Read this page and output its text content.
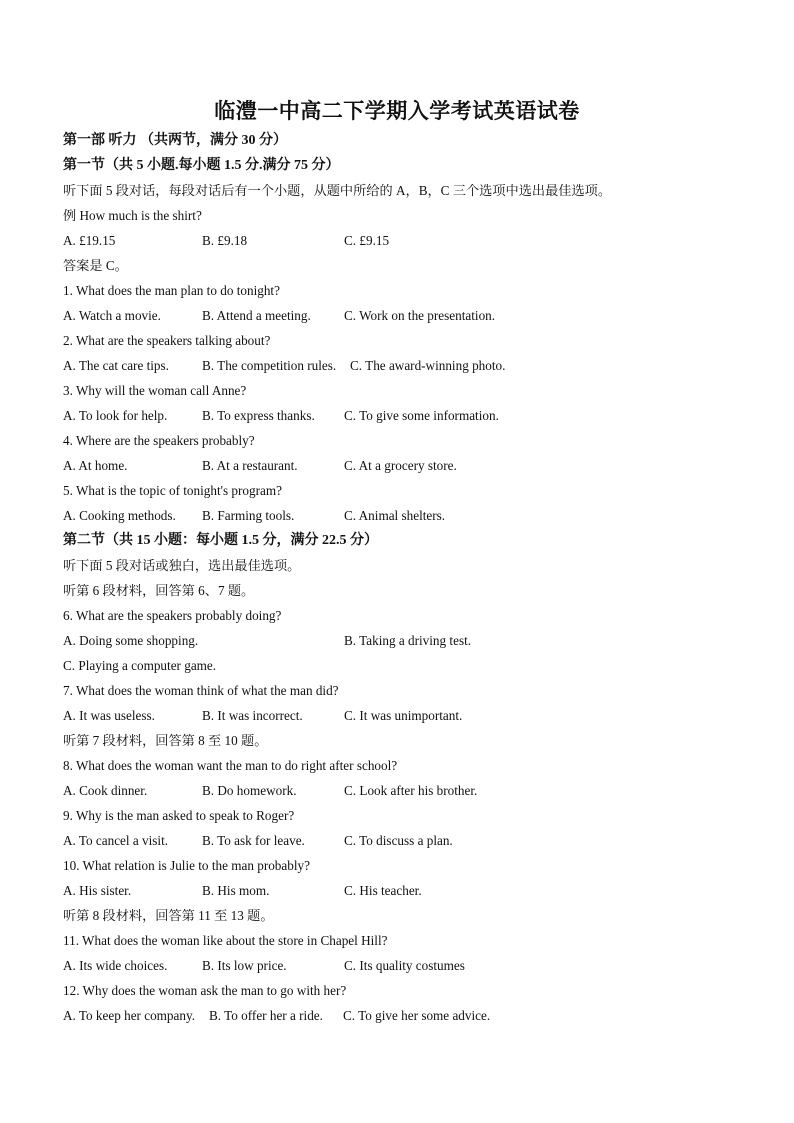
临澧一中高二下学期入学考试英语试卷
第一部 听力 （共两节，满分 30 分）
第一节（共 5 小题.每小题 1.5 分.满分 75 分）
听下面 5 段对话，每段对话后有一个小题，从题中所给的 A，B，C 三个选项中选出最佳选项。
例 How much is the shirt?
A. £19.15	B. £9.18	C. £9.15
答案是 C。
1. What does the man plan to do tonight?
A. Watch a movie.	B. Attend a meeting.	C. Work on the presentation.
2. What are the speakers talking about?
A. The cat care tips.	B. The competition rules. C. The award-winning photo.
3. Why will the woman call Anne?
A. To look for help.	B. To express thanks. C. To give some information.
4. Where are the speakers probably?
A. At home.	B. At a restaurant.	C. At a grocery store.
5. What is the topic of tonight's program?
A. Cooking methods. B. Farming tools.	C. Animal shelters.
第二节（共 15 小题：每小题 1.5 分，满分 22.5 分）
听下面 5 段对话或独白，选出最佳选项。
听第 6 段材料，回答第 6、7 题。
6. What are the speakers probably doing?
A. Doing some shopping.	B. Taking a driving test.
C. Playing a computer game.
7. What does the woman think of what the man did?
A. It was useless.	B. It was incorrect.	C. It was unimportant.
听第 7 段材料，回答第 8 至 10 题。
8. What does the woman want the man to do right after school?
A. Cook dinner.	B. Do homework.	C. Look after his brother.
9. Why is the man asked to speak to Roger?
A. To cancel a visit.	B. To ask for leave.	C. To discuss a plan.
10. What relation is Julie to the man probably?
A. His sister.	B. His mom.	C. His teacher.
听第 8 段材料，回答第 11 至 13 题。
11. What does the woman like about the store in Chapel Hill?
A. Its wide choices.	B. Its low price.	C. Its quality costumes
12. Why does the woman ask the man to go with her?
A. To keep her company. B. To offer her a ride. C. To give her some advice.
